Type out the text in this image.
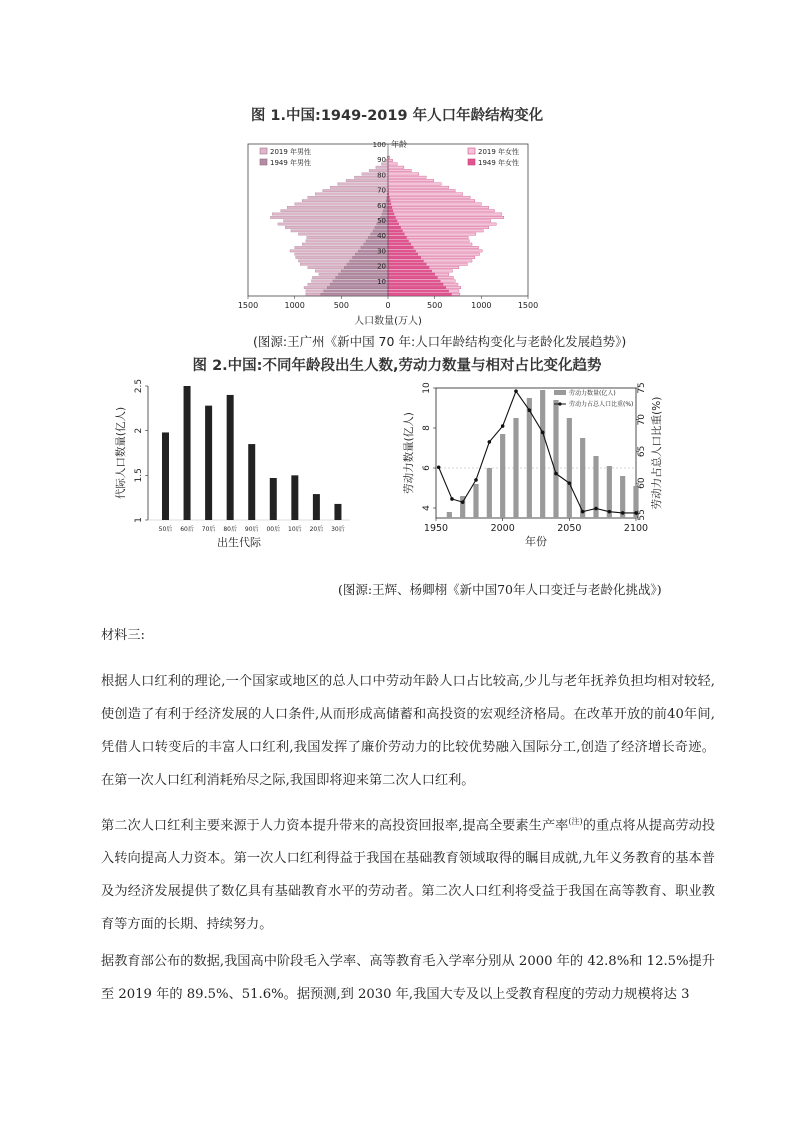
图 1.中国:1949-2019 年人口年龄结构变化
10
20
30
40
50
60
70
80
90
100 年龄
1500	1000	500	0	500	1000	1500
人口数量(万人)
2019 年男性
1949 年男性
2019 年女性
1949 年女性
(图源:王广州《新中国 70 年:人口年龄结构变化与老龄化发展趋势》)
图 2.中国:不同年龄段出生人数,劳动力数量与相对占比变化趋势
1
1.5
2
2.5
代际人口数量(亿人)
50后 60后 70后 80后 90后 00后 10后 20后 30后
出生代际
4
6
8
10
劳动力数量(亿人)
55
60
65
70
75
劳动力占总人口比重(%)
1950	2000	2050	2100
年份
劳动力数量(亿人)
劳动力占总人口比重(%)
(图源:王辉、杨卿栩《新中国70年人口变迁与老龄化挑战》)
材料三:

根据人口红利的理论,一个国家或地区的总人口中劳动年龄人口占比较高,少儿与老年抚养负担均相对较轻,使创造了有利于经济发展的人口条件,从而形成高储蓄和高投资的宏观经济格局。在改革开放的前40年间,凭借人口转变后的丰富人口红利,我国发挥了廉价劳动力的比较优势融入国际分工,创造了经济增长奇迹。在第一次人口红利消耗殆尽之际,我国即将迎来第二次人口红利。

第二次人口红利主要来源于人力资本提升带来的高投资回报率,提高全要素生产率$^{(注)}$的重点将从提高劳动投入转向提高人力资本。第一次人口红利得益于我国在基础教育领域取得的瞩目成就,九年义务教育的基本普及为经济发展提供了数亿具有基础教育水平的劳动者。第二次人口红利将受益于我国在高等教育、职业教育等方面的长期、持续努力。

据教育部公布的数据,我国高中阶段毛入学率、高等教育毛入学率分别从 2000 年的 42.8%和 12.5%提升至 2019 年的 89.5%、51.6%。据预测,到 2030 年,我国大专及以上受教育程度的劳动力规模将达 3
